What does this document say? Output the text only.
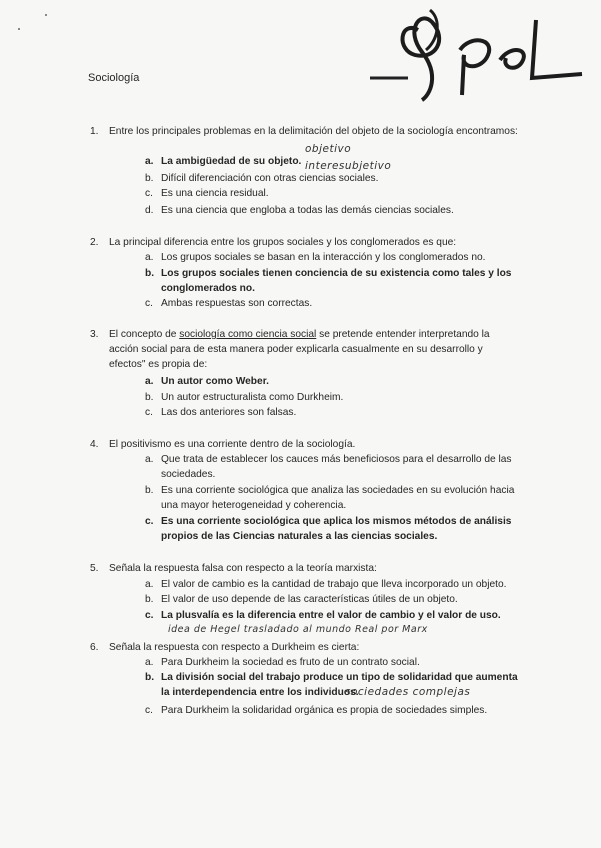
Pepi
Sociología
1. Entre los principales problemas en la delimitación del objeto de la sociología encontramos:
a. La ambigüedad de su objeto.
b. Difícil diferenciación con otras ciencias sociales.
c. Es una ciencia residual.
d. Es una ciencia que engloba a todas las demás ciencias sociales.
objetivo
interesubjetivo
2. La principal diferencia entre los grupos sociales y los conglomerados es que:
a. Los grupos sociales se basan en la interacción y los conglomerados no.
b. Los grupos sociales tienen conciencia de su existencia como tales y los conglomerados no.
c. Ambas respuestas son correctas.
3. El concepto de sociología como ciencia social se pretende entender interpretando la acción social para de esta manera poder explicarla casualmente en su desarrollo y efectos" es propia de:
a. Un autor como Weber.
b. Un autor estructuralista como Durkheim.
c. Las dos anteriores son falsas.
4. El positivismo es una corriente dentro de la sociología.
a. Que trata de establecer los cauces más beneficiosos para el desarrollo de las sociedades.
b. Es una corriente sociológica que analiza las sociedades en su evolución hacia una mayor heterogeneidad y coherencia.
c. Es una corriente sociológica que aplica los mismos métodos de análisis propios de las Ciencias naturales a las ciencias sociales.
5. Señala la respuesta falsa con respecto a la teoría marxista:
a. El valor de cambio es la cantidad de trabajo que lleva incorporado un objeto.
b. El valor de uso depende de las características útiles de un objeto.
c. La plusvalía es la diferencia entre el valor de cambio y el valor de uso.
idea de Hegel trasladado al mundo Real por Marx
6. Señala la respuesta con respecto a Durkheim es cierta:
a. Para Durkheim la sociedad es fruto de un contrato social.
b. La división social del trabajo produce un tipo de solidaridad que aumenta la interdependencia entre los individuos.
sociedades complejas
c. Para Durkheim la solidaridad orgánica es propia de sociedades simples.
